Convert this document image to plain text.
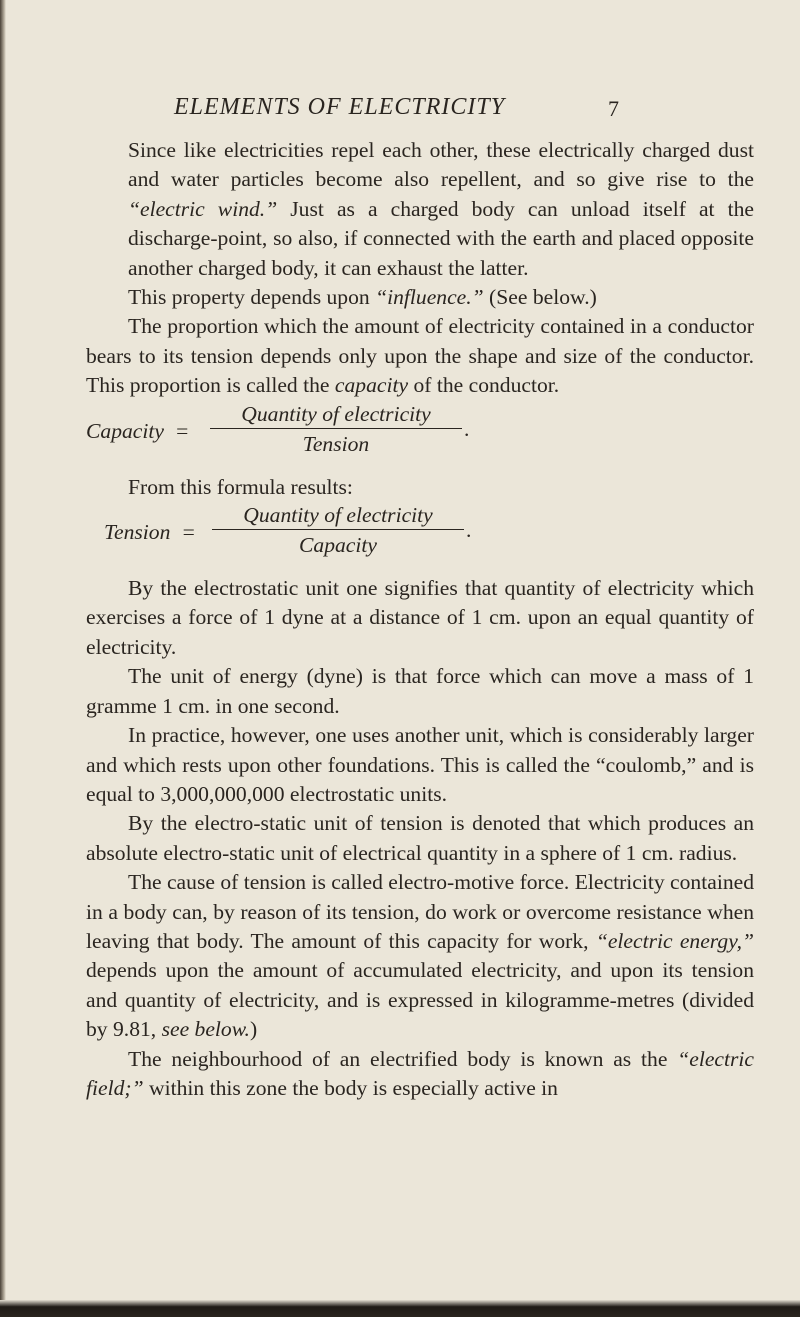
ELEMENTS OF ELECTRICITY	7

Since like electricities repel each other, these electrically charged dust and water particles become also repellent, and so give rise to the “electric wind.” Just as a charged body can unload itself at the discharge-point, so also, if connected with the earth and placed opposite another charged body, it can exhaust the latter.

This property depends upon “influence.” (See below.)

The proportion which the amount of electricity contained in a conductor bears to its tension depends only upon the shape and size of the conductor. This proportion is called the capacity of the conductor.

Capacity =
Quantity of electricity
Tension
.

From this formula results:

Tension =
Quantity of electricity
Capacity
.

By the electrostatic unit one signifies that quantity of electricity which exercises a force of 1 dyne at a distance of 1 cm. upon an equal quantity of electricity.

The unit of energy (dyne) is that force which can move a mass of 1 gramme 1 cm. in one second.

In practice, however, one uses another unit, which is considerably larger and which rests upon other foundations. This is called the “coulomb,” and is equal to 3,000,000,000 electrostatic units.

By the electro-static unit of tension is denoted that which produces an absolute electro-static unit of electrical quantity in a sphere of 1 cm. radius.

The cause of tension is called electro-motive force. Electricity contained in a body can, by reason of its tension, do work or overcome resistance when leaving that body. The amount of this capacity for work, “electric energy,” depends upon the amount of accumulated electricity, and upon its tension and quantity of electricity, and is expressed in kilogramme-metres (divided by 9.81, see below.)

The neighbourhood of an electrified body is known as the “electric field;” within this zone the body is especially active in
